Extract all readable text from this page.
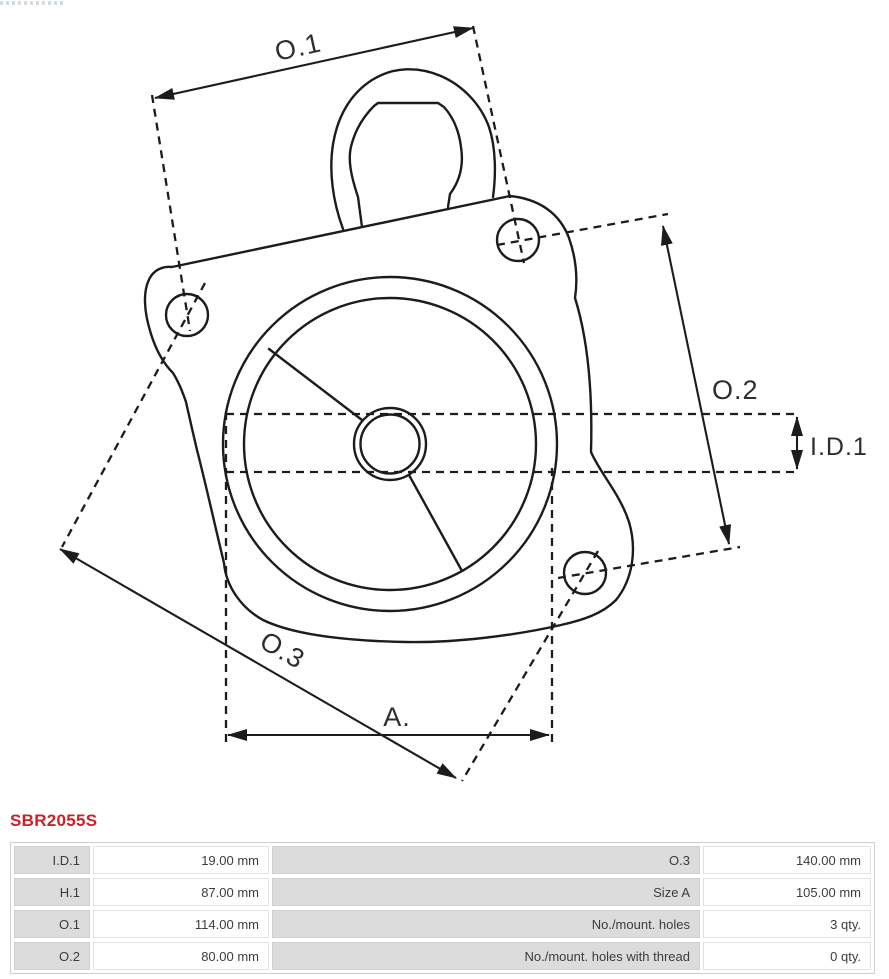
O.1
O.2
O.3
I.D.1
A.
SBR2055S
I.D.1	19.00 mm	O.3	140.00 mm
H.1	87.00 mm	Size A	105.00 mm
O.1	114.00 mm	No./mount. holes	3 qty.
O.2	80.00 mm	No./mount. holes with thread	0 qty.
